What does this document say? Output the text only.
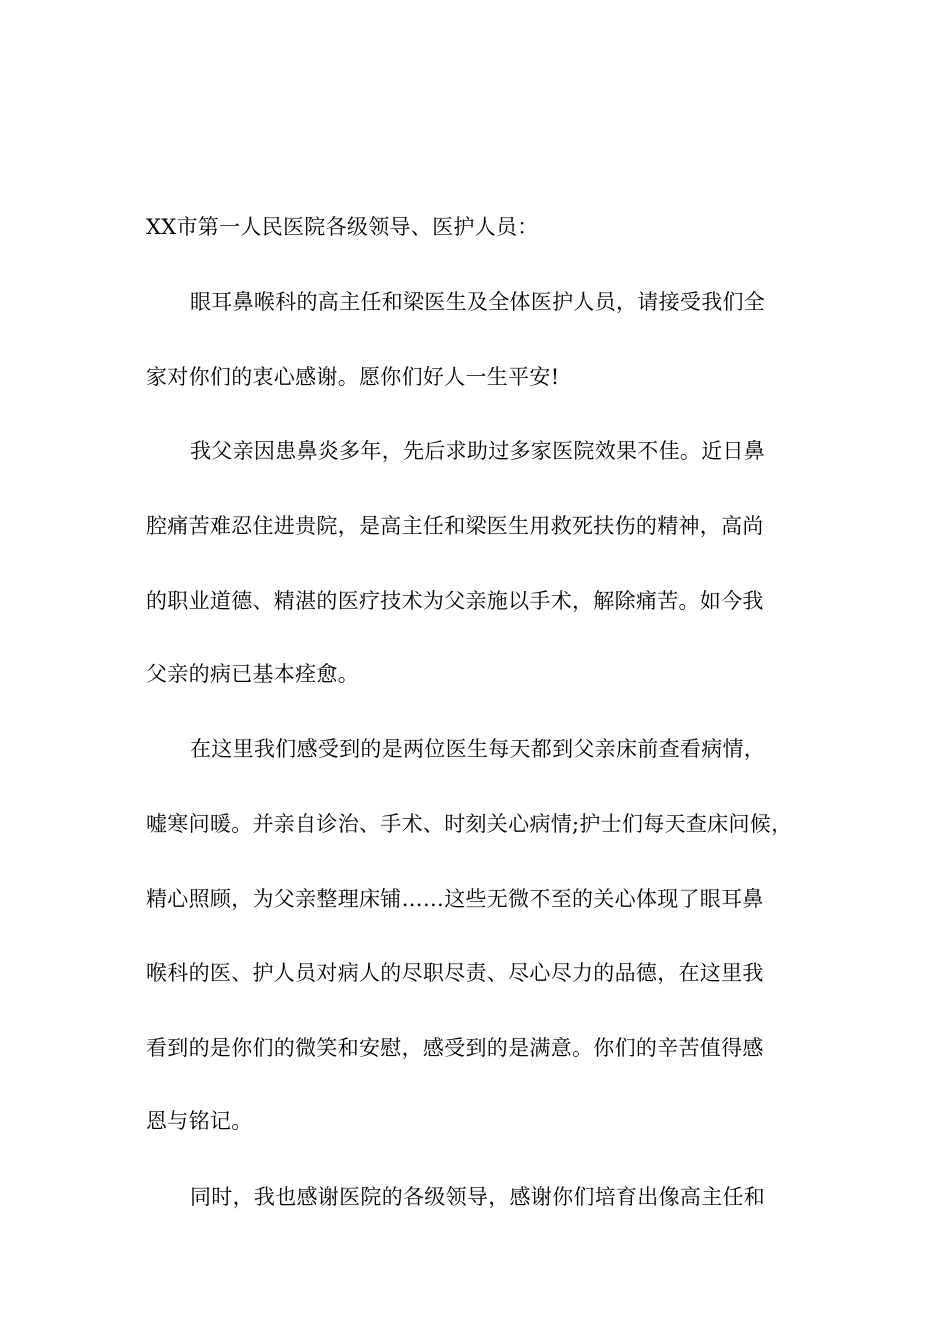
XX市第一人民医院各级领导、医护人员：
眼耳鼻喉科的高主任和梁医生及全体医护人员，请接受我们全
家对你们的衷心感谢。愿你们好人一生平安!
我父亲因患鼻炎多年，先后求助过多家医院效果不佳。近日鼻
腔痛苦难忍住进贵院，是高主任和梁医生用救死扶伤的精神，高尚
的职业道德、精湛的医疗技术为父亲施以手术，解除痛苦。如今我
父亲的病已基本痊愈。
在这里我们感受到的是两位医生每天都到父亲床前查看病情，
嘘寒问暖。并亲自诊治、手术、时刻关心病情;护士们每天查床问候，
精心照顾，为父亲整理床铺……这些无微不至的关心体现了眼耳鼻
喉科的医、护人员对病人的尽职尽责、尽心尽力的品德，在这里我
看到的是你们的微笑和安慰，感受到的是满意。你们的辛苦值得感
恩与铭记。
同时，我也感谢医院的各级领导，感谢你们培育出像高主任和
